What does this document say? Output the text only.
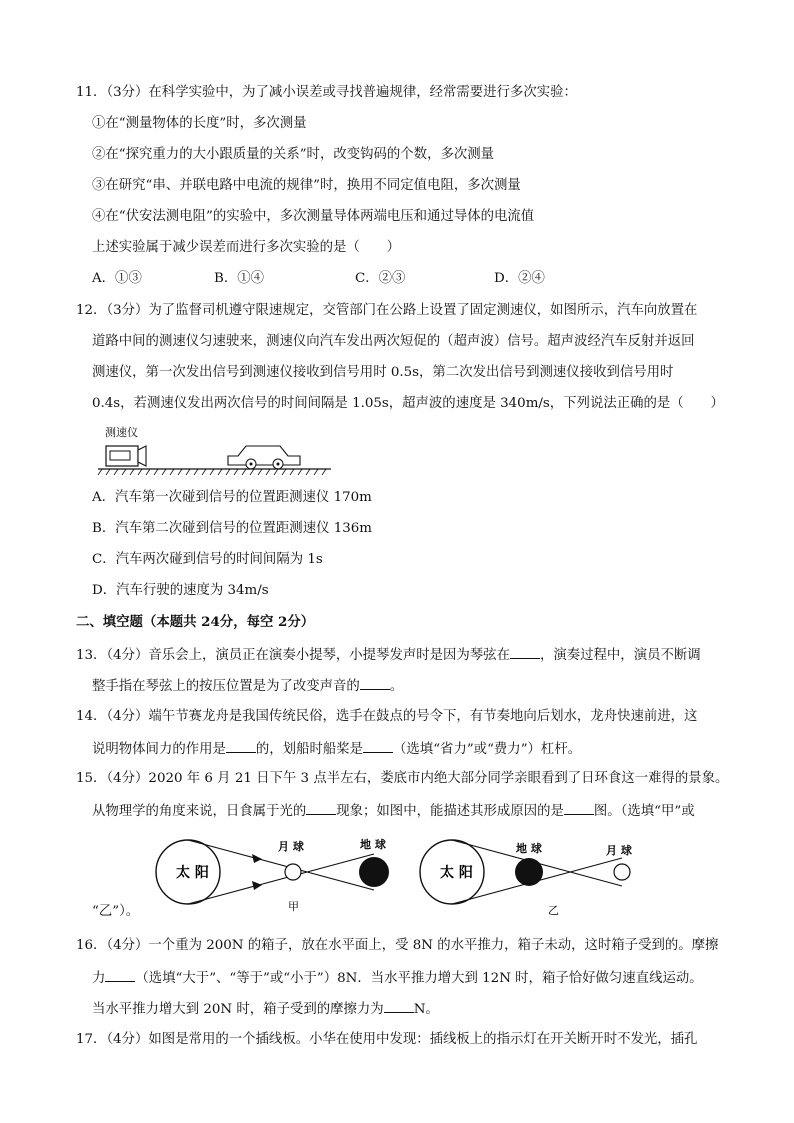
11．（3分）在科学实验中，为了减小误差或寻找普遍规律，经常需要进行多次实验：
①在“测量物体的长度”时，多次测量
②在“探究重力的大小跟质量的关系”时，改变钩码的个数，多次测量
③在研究“串、并联电路中电流的规律”时，换用不同定值电阻，多次测量
④在“伏安法测电阻”的实验中，多次测量导体两端电压和通过导体的电流值
上述实验属于减少误差而进行多次实验的是（　　）
A．①③	B．①④	C．②③	D．②④
12．（3分）为了监督司机遵守限速规定，交管部门在公路上设置了固定测速仪，如图所示，汽车向放置在
道路中间的测速仪匀速驶来，测速仪向汽车发出两次短促的（超声波）信号。超声波经汽车反射并返回
测速仪，第一次发出信号到测速仪接收到信号用时 0.5s，第二次发出信号到测速仪接收到信号用时
0.4s，若测速仪发出两次信号的时间间隔是 1.05s，超声波的速度是 340m/s，下列说法正确的是（　　）
测速仪
A．汽车第一次碰到信号的位置距测速仪 170m
B．汽车第二次碰到信号的位置距测速仪 136m
C．汽车两次碰到信号的时间间隔为 1s
D．汽车行驶的速度为 34m/s
二、填空题（本题共 24分，每空 2分）
13．（4分）音乐会上，演员正在演奏小提琴，小提琴发声时是因为琴弦在 ，演奏过程中，演员不断调
整手指在琴弦上的按压位置是为了改变声音的 。
14．（4分）端午节赛龙舟是我国传统民俗，选手在鼓点的号令下，有节奏地向后划水，龙舟快速前进，这
说明物体间力的作用是 的，划船时船桨是 （选填“省力”或“费力”）杠杆。
15．（4分）2020 年 6 月 21 日下午 3 点半左右，娄底市内绝大部分同学亲眼看到了日环食这一难得的景象。
从物理学的角度来说，日食属于光的 现象；如图中，能描述其形成原因的是 图。（选填“甲”或
太 阳
月 球	地 球
甲
太 阳
地 球	月 球
乙
“乙”）。
16．（4分）一个重为 200N 的箱子，放在水平面上，受 8N 的水平推力，箱子未动，这时箱子受到的。摩擦
力 （选填“大于”、“等于”或“小于”）8N．当水平推力增大到 12N 时，箱子恰好做匀速直线运动。
当水平推力增大到 20N 时，箱子受到的摩擦力为 N。
17．（4分）如图是常用的一个插线板。小华在使用中发现：插线板上的指示灯在开关断开时不发光，插孔
